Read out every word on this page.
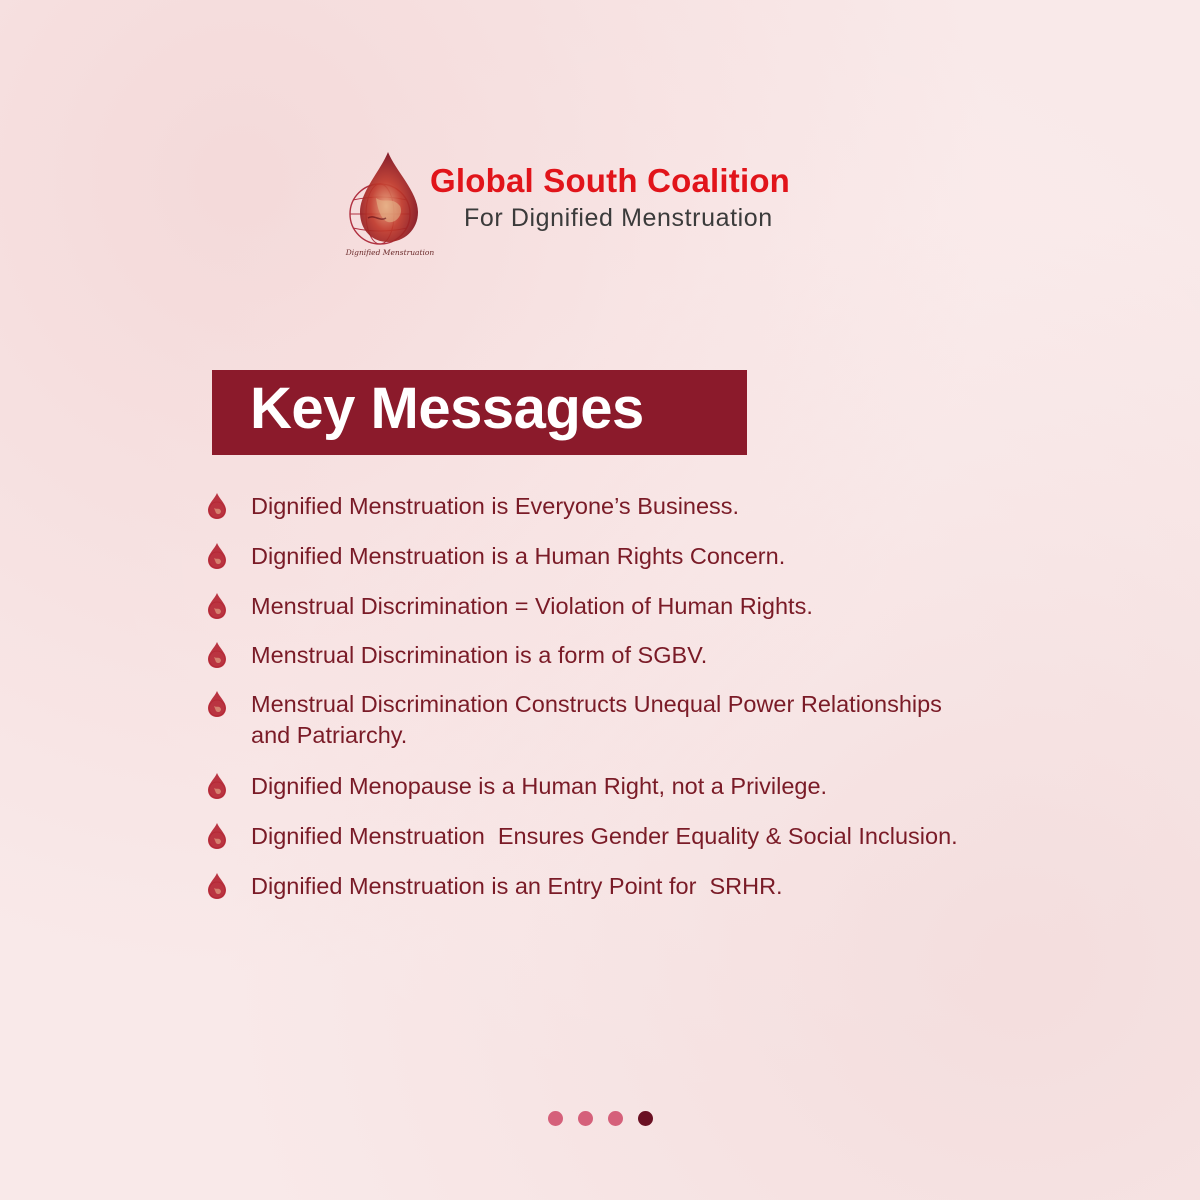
Dignified Menstruation
Global South Coalition
For Dignified Menstruation
Key Messages
Dignified Menstruation is Everyone’s Business.
Dignified Menstruation is a Human Rights Concern.
Menstrual Discrimination = Violation of Human Rights.
Menstrual Discrimination is a form of SGBV.
Menstrual Discrimination Constructs Unequal Power Relationships and Patriarchy.
Dignified Menopause is a Human Right, not a Privilege.
Dignified Menstruation  Ensures Gender Equality & Social Inclusion.
Dignified Menstruation is an Entry Point for  SRHR.
